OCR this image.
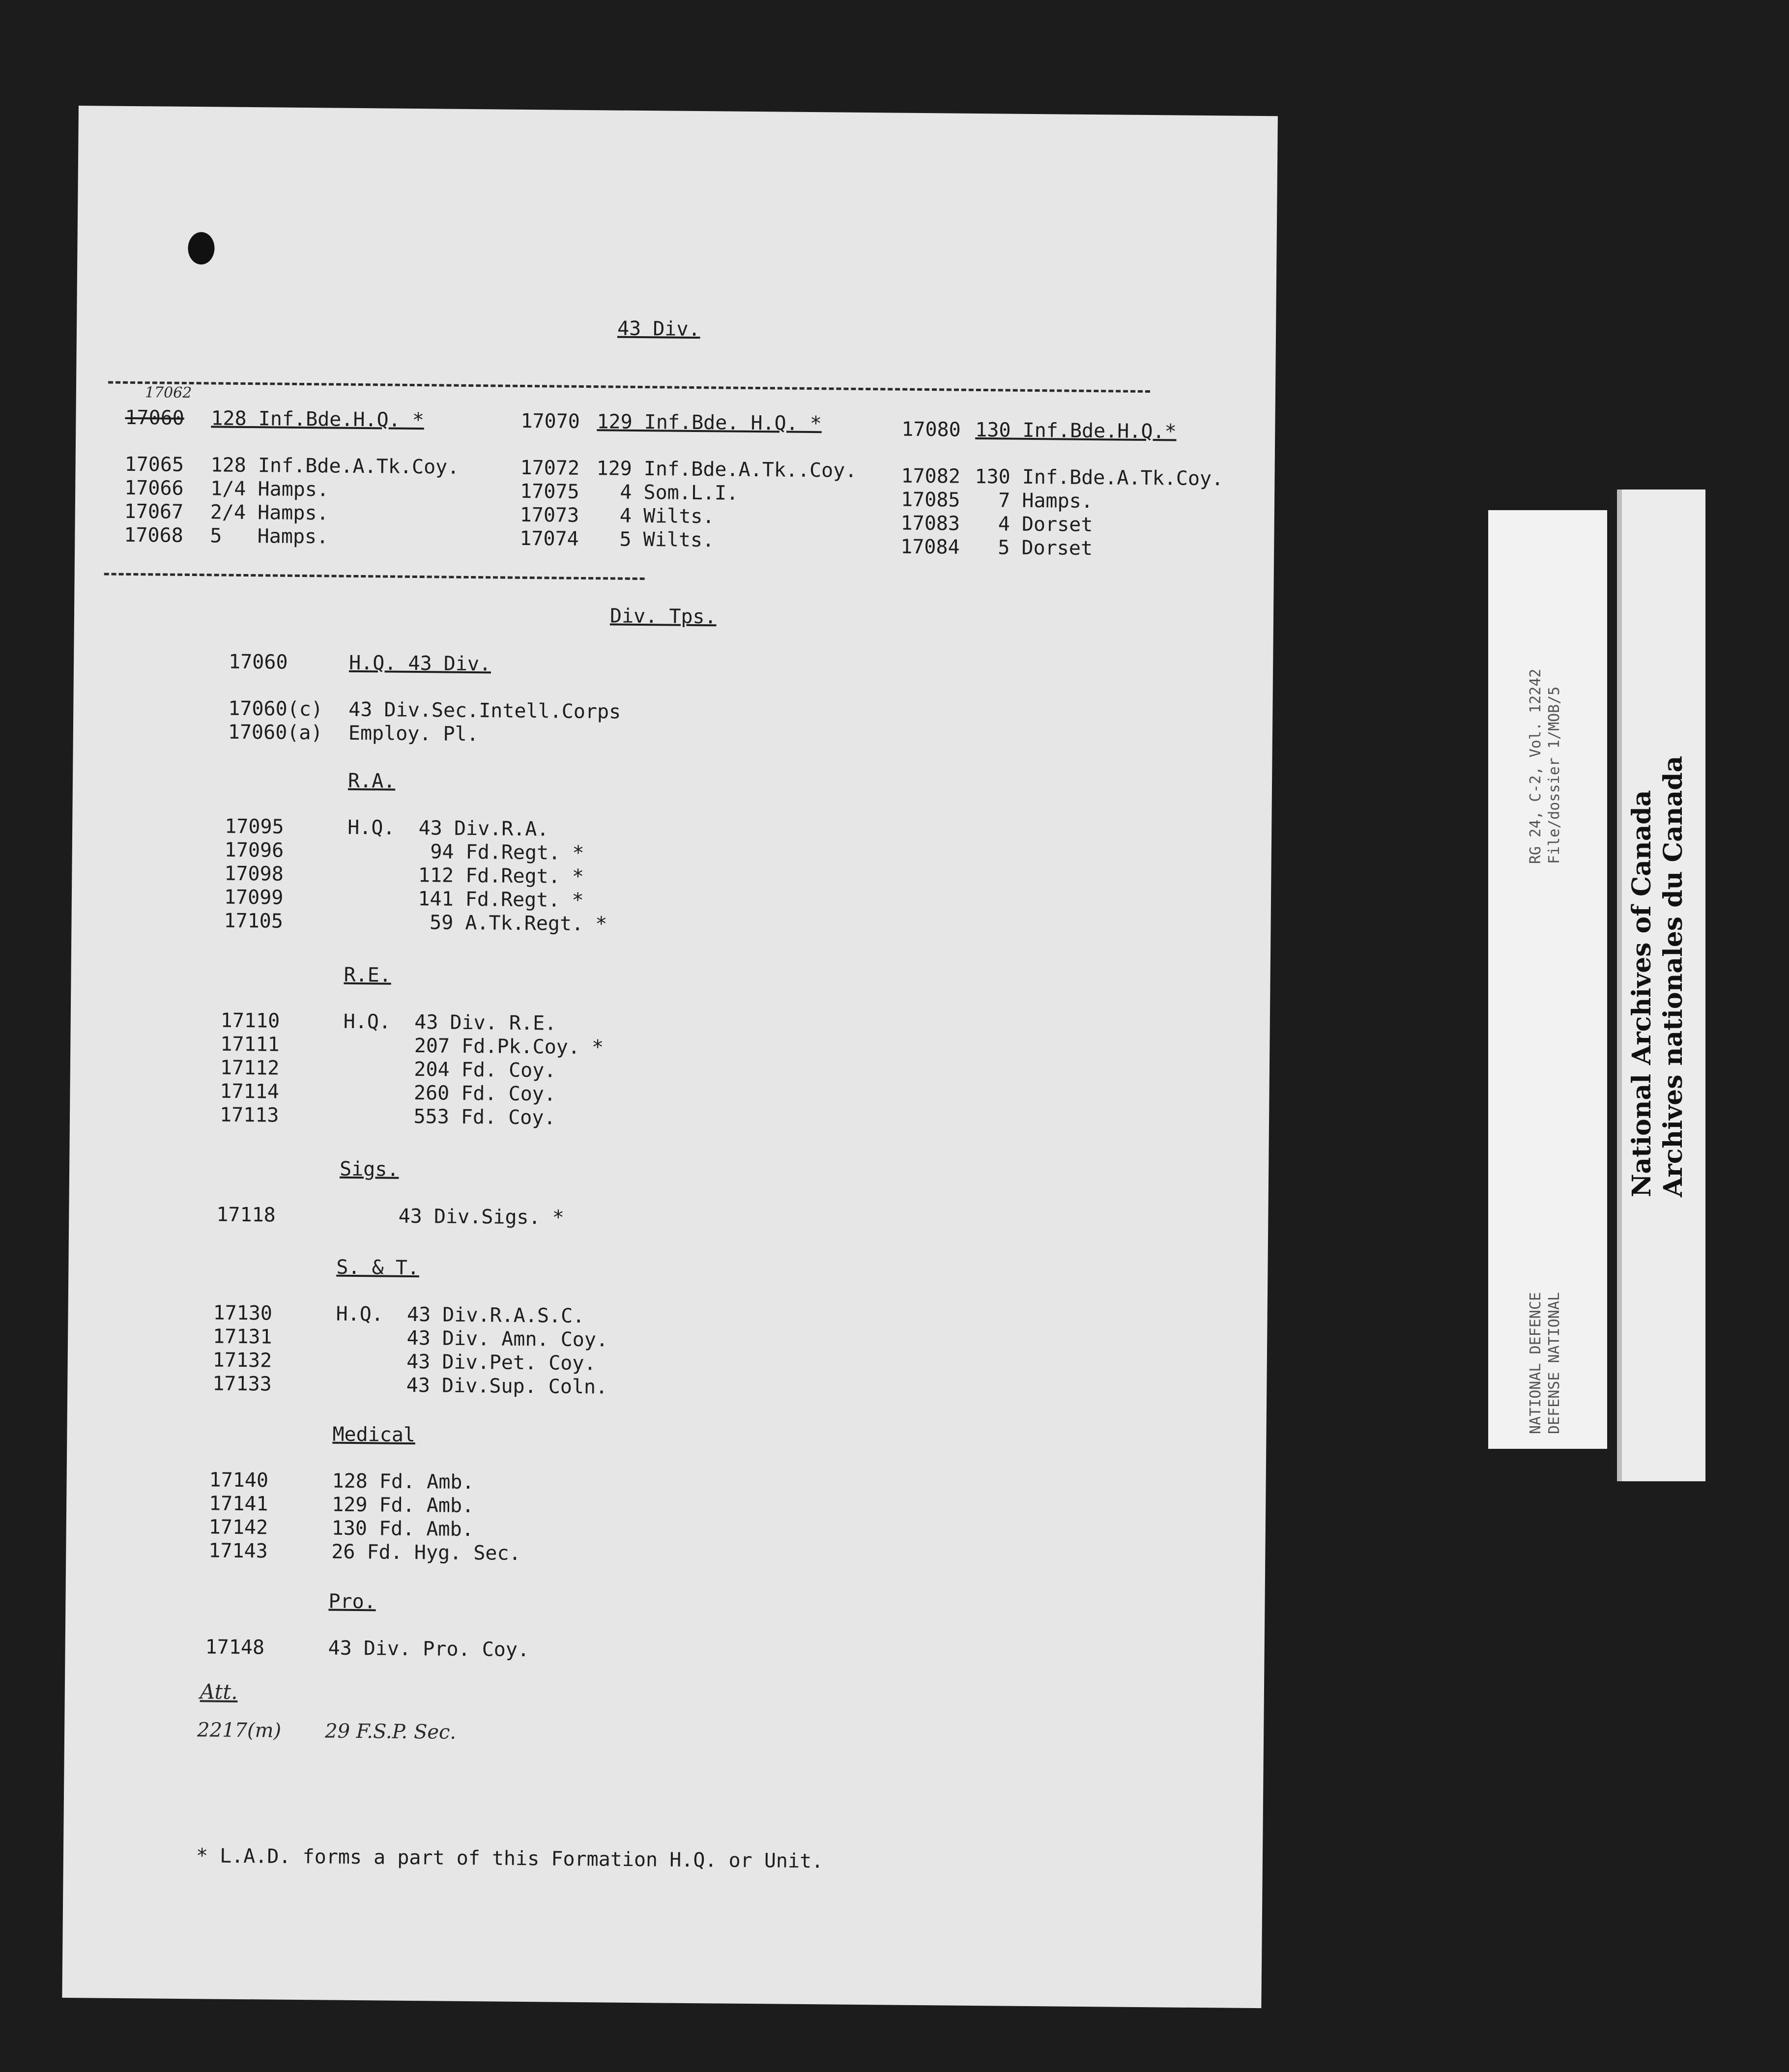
43 Div.
17062
17060 128 Inf.Bde.H.Q. *
17065 128 Inf.Bde.A.Tk.Coy.
17066 1/4 Hamps.
17067 2/4 Hamps.
17068 5   Hamps.
17070 129 Inf.Bde. H.Q. *
17072 129 Inf.Bde.A.Tk..Coy.
17075 4 Som.L.I.
17073 4 Wilts.
17074 5 Wilts.
17080 130 Inf.Bde.H.Q.*
17082 130 Inf.Bde.A.Tk.Coy.
17085 7 Hamps.
17083 4 Dorset
17084 5 Dorset
Div. Tps.
17060	H.Q. 43 Div.
17060(c) 43 Div.Sec.Intell.Corps
17060(a) Employ. Pl.
R.A.
17095	H.Q.  43 Div.R.A.
17096	94 Fd.Regt. *
17098	112 Fd.Regt. *
17099	141 Fd.Regt. *
17105	59 A.Tk.Regt. *
R.E.
17110	H.Q.  43 Div. R.E.
17111	207 Fd.Pk.Coy. *
17112	204 Fd. Coy.
17114	260 Fd. Coy.
17113	553 Fd. Coy.
Sigs.
17118	43 Div.Sigs. *
S. & T.
17130	H.Q.  43 Div.R.A.S.C.
17131	43 Div. Amn. Coy.
17132	43 Div.Pet. Coy.
17133	43 Div.Sup. Coln.
Medical
17140	128 Fd. Amb.
17141	129 Fd. Amb.
17142	130 Fd. Amb.
17143	26 Fd. Hyg. Sec.
Pro.
17148	43 Div. Pro. Coy.
Att.
2217(m) 29 F.S.P. Sec.
* L.A.D. forms a part of this Formation H.Q. or Unit.
RG 24, C-2, Vol. 12242 File/dossier 1/MOB/5
NATIONAL DEFENCE DEFENSE NATIONAL
National Archives of Canada Archives nationales du Canada
